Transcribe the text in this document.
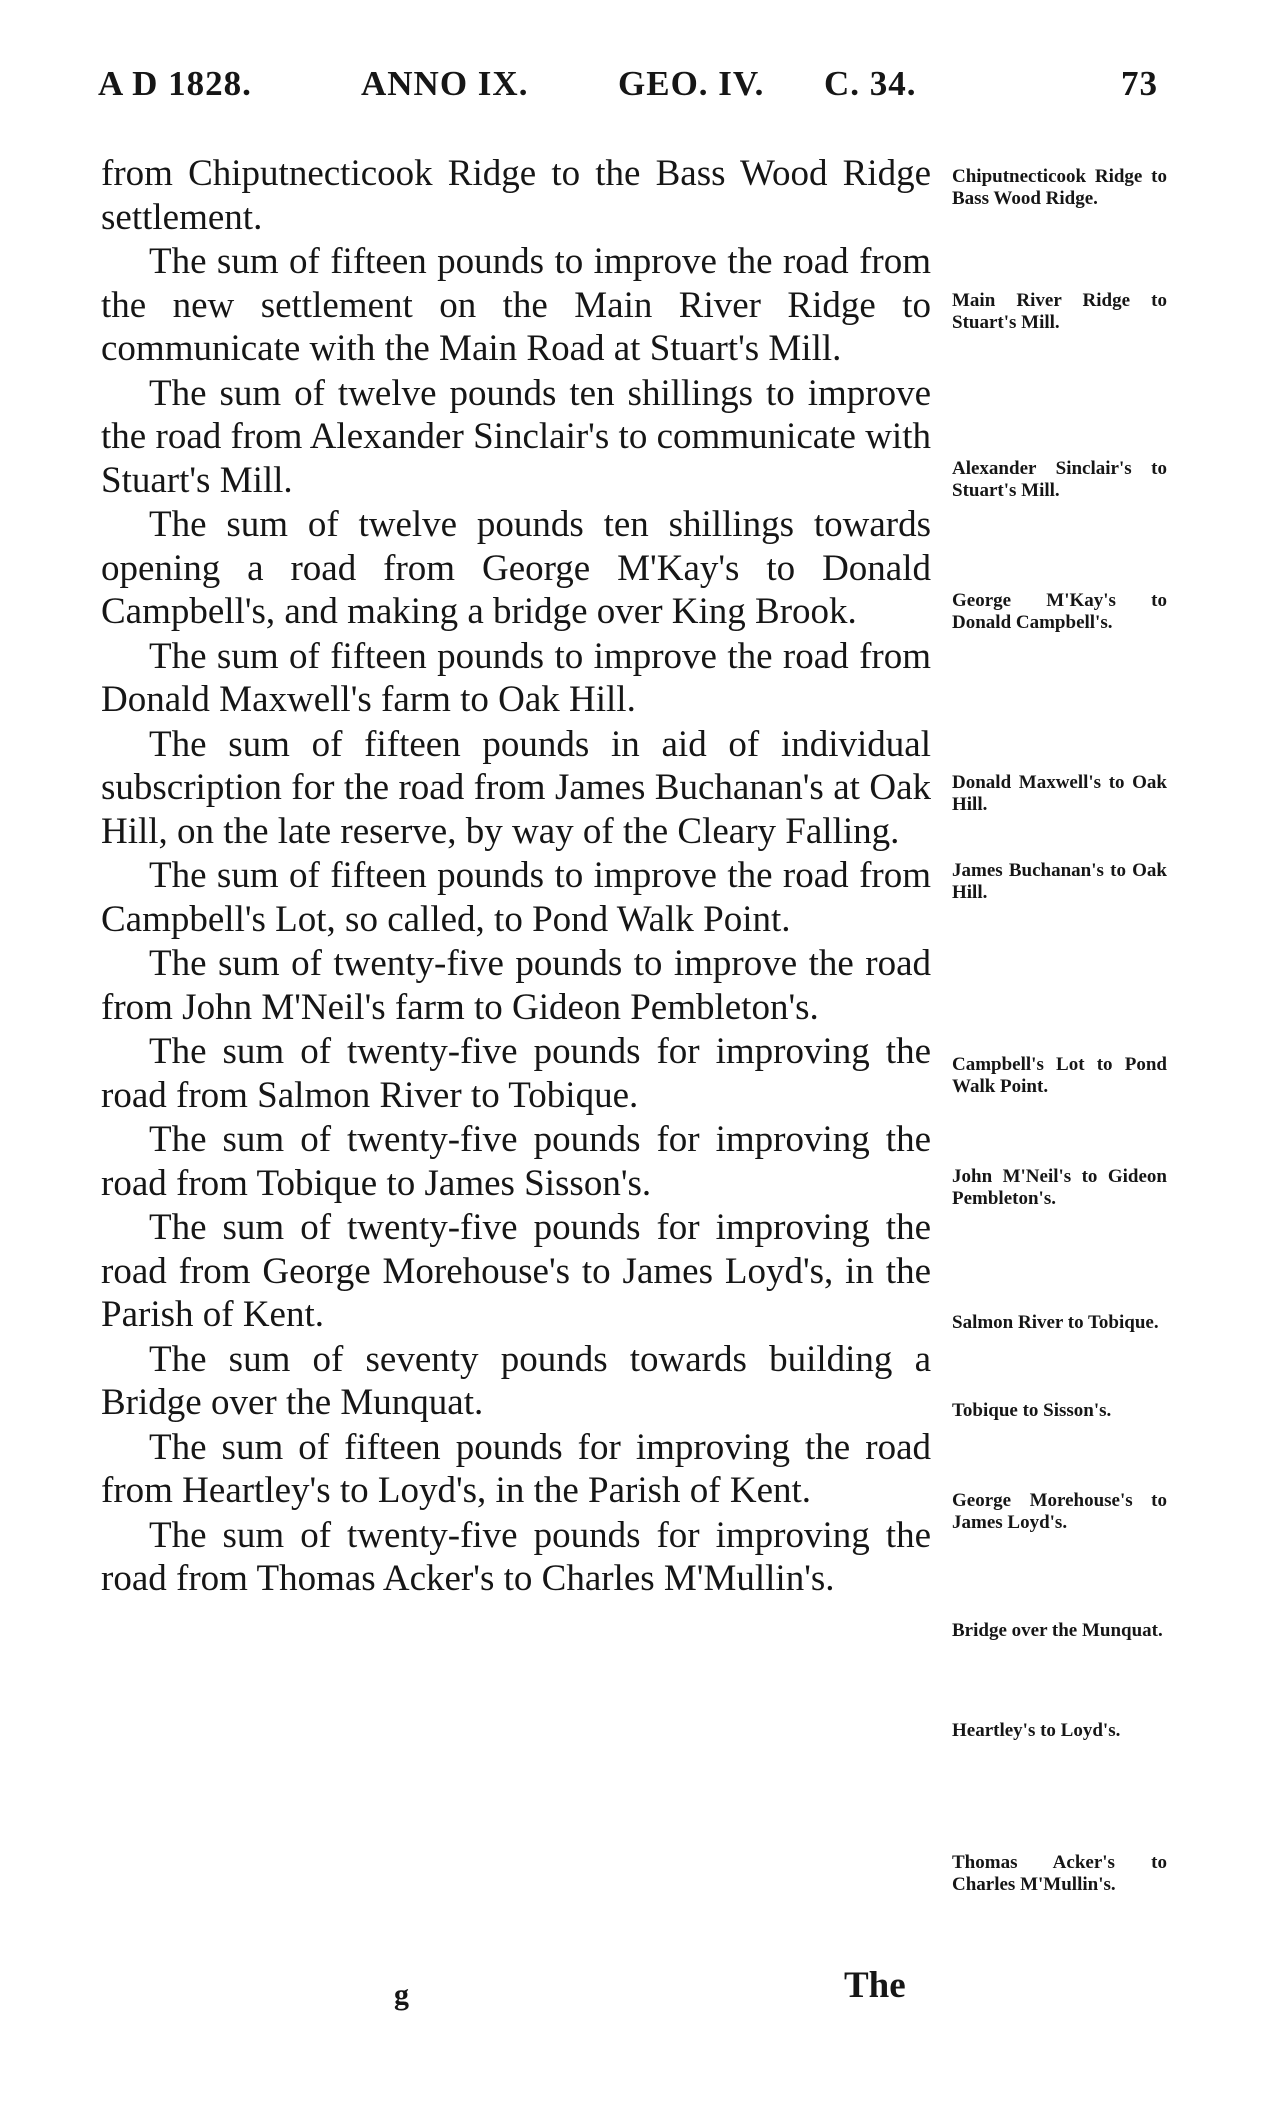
A D 1828.	ANNO IX.	GEO. IV. C. 34.	73

from Chiputnecticook Ridge to the Bass Wood Ridge settlement.

The sum of fifteen pounds to improve the road from the new settlement on the Main River Ridge to communicate with the Main Road at Stuart's Mill.

The sum of twelve pounds ten shillings to improve the road from Alexander Sinclair's to communicate with Stuart's Mill.

The sum of twelve pounds ten shillings towards opening a road from George M'Kay's to Donald Campbell's, and making a bridge over King Brook.

The sum of fifteen pounds to improve the road from Donald Maxwell's farm to Oak Hill.

The sum of fifteen pounds in aid of individual subscription for the road from James Buchanan's at Oak Hill, on the late reserve, by way of the Cleary Falling.

The sum of fifteen pounds to improve the road from Campbell's Lot, so called, to Pond Walk Point.

The sum of twenty-five pounds to improve the road from John M'Neil's farm to Gideon Pembleton's.

The sum of twenty-five pounds for improving the road from Salmon River to Tobique.

The sum of twenty-five pounds for improving the road from Tobique to James Sisson's.

The sum of twenty-five pounds for improving the road from George Morehouse's to James Loyd's, in the Parish of Kent.

The sum of seventy pounds towards building a Bridge over the Munquat.

The sum of fifteen pounds for improving the road from Heartley's to Loyd's, in the Parish of Kent.

The sum of twenty-five pounds for improving the road from Thomas Acker's to Charles M'Mullin's.

Chiputnecticook Ridge to Bass Wood Ridge.
Main River Ridge to Stuart's Mill.
Alexander Sinclair's to Stuart's Mill.
George M'Kay's to Donald Campbell's.
Donald Maxwell's to Oak Hill.
James Buchanan's to Oak Hill.
Campbell's Lot to Pond Walk Point.
John M'Neil's to Gideon Pembleton's.
Salmon River to Tobique.
Tobique to Sisson's.
George Morehouse's to James Loyd's.
Bridge over the Munquat.
Heartley's to Loyd's.
Thomas Acker's to Charles M'Mullin's.
g	The
